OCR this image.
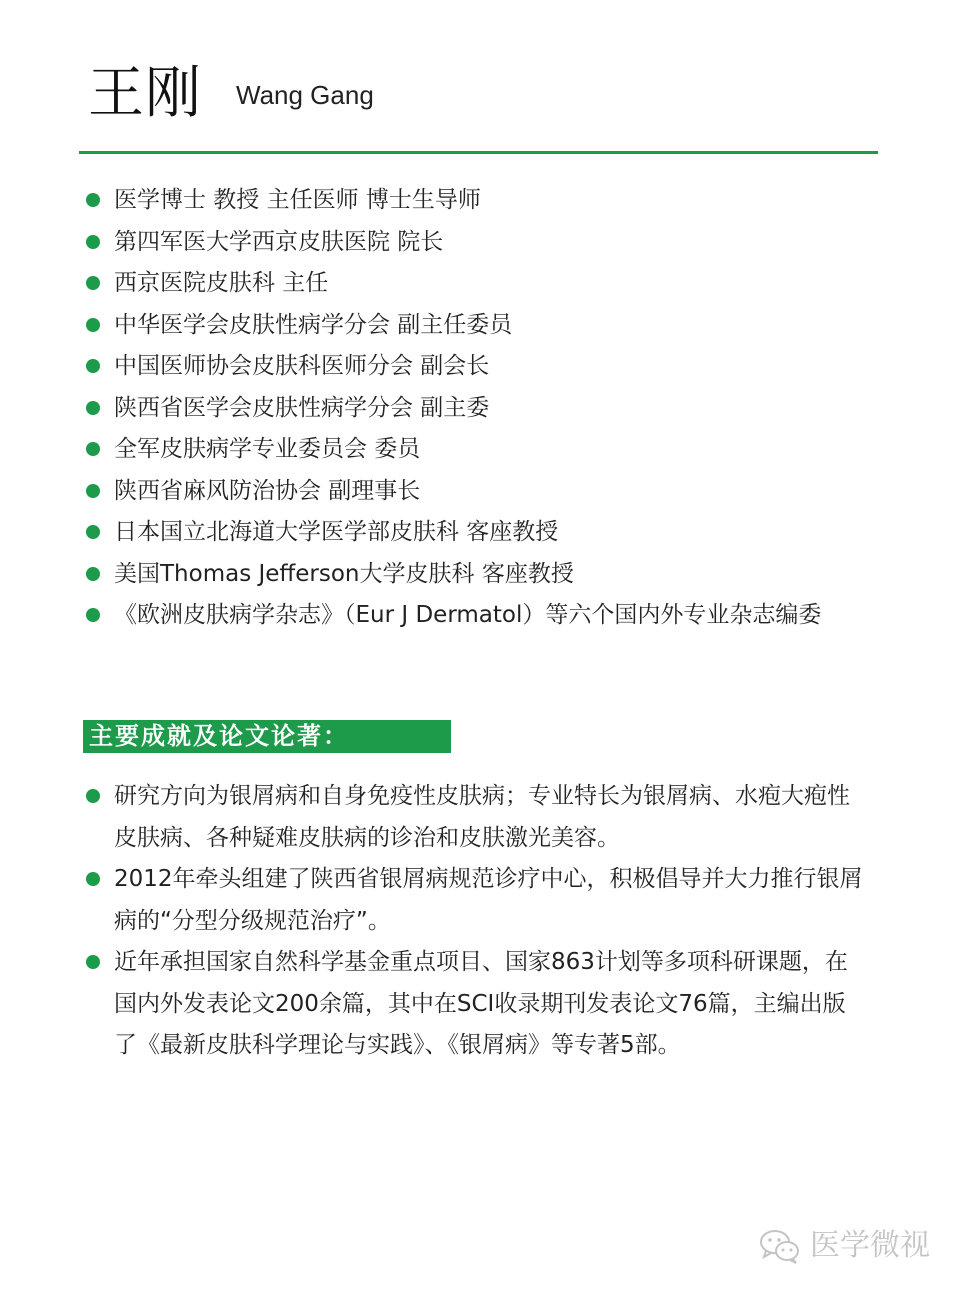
王刚 Wang Gang
医学博士 教授 主任医师 博士生导师
第四军医大学西京皮肤医院 院长
西京医院皮肤科 主任
中华医学会皮肤性病学分会 副主任委员
中国医师协会皮肤科医师分会 副会长
陕西省医学会皮肤性病学分会 副主委
全军皮肤病学专业委员会 委员
陕西省麻风防治协会 副理事长
日本国立北海道大学医学部皮肤科 客座教授
美国Thomas Jefferson大学皮肤科 客座教授
《欧洲皮肤病学杂志》（Eur J Dermatol）等六个国内外专业杂志编委
主要成就及论文论著：
研究方向为银屑病和自身免疫性皮肤病；专业特长为银屑病、水疱大疱性皮肤病、各种疑难皮肤病的诊治和皮肤激光美容。
2012年牵头组建了陕西省银屑病规范诊疗中心，积极倡导并大力推行银屑病的“分型分级规范治疗”。
近年承担国家自然科学基金重点项目、国家863计划等多项科研课题，在国内外发表论文200余篇，其中在SCI收录期刊发表论文76篇，主编出版了《最新皮肤科学理论与实践》、《银屑病》等专著5部。
医学微视
